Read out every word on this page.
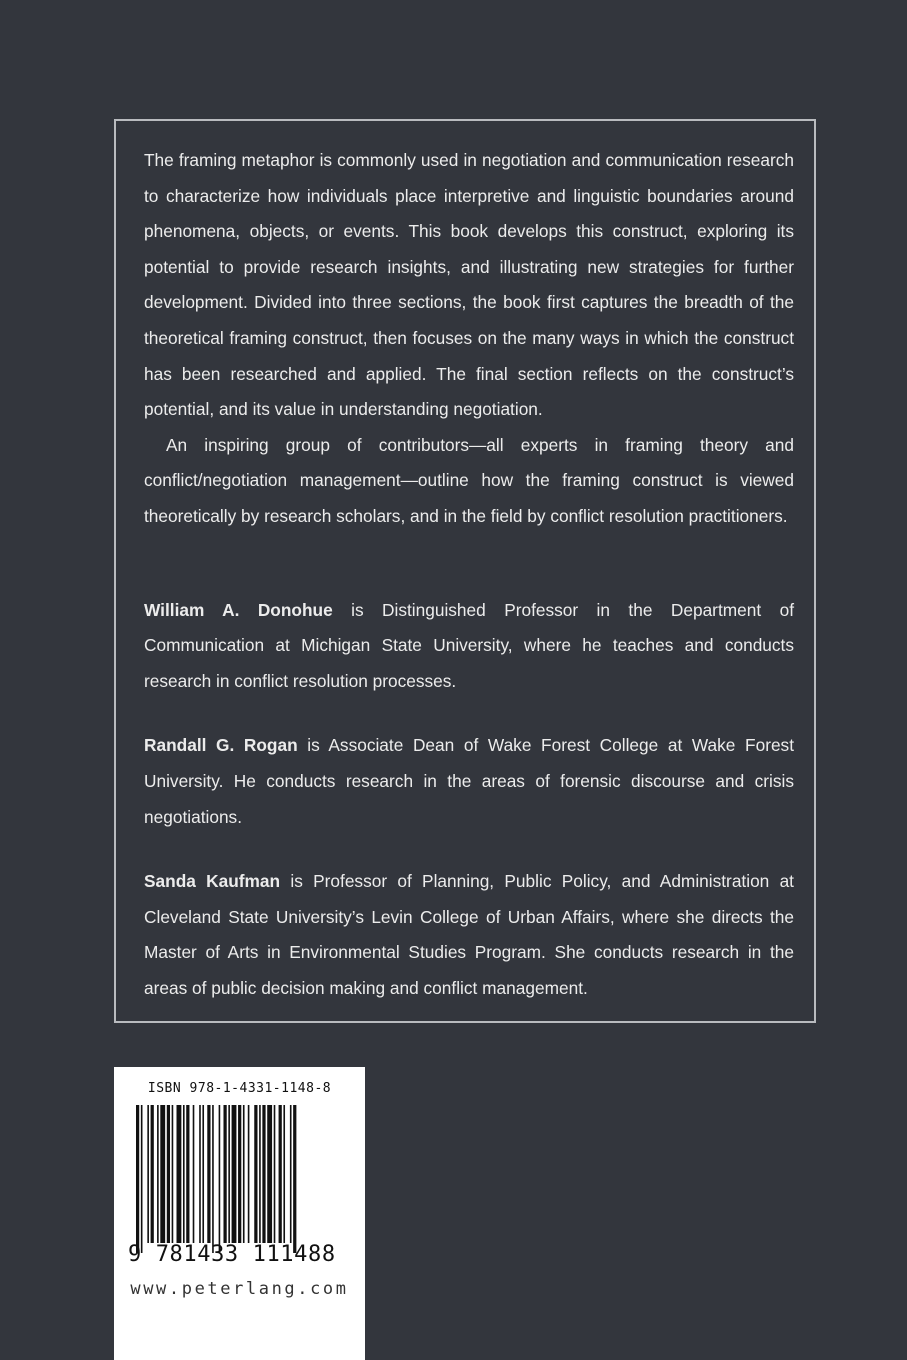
The framing metaphor is commonly used in negotiation and communication research to characterize how individuals place interpretive and linguistic boundaries around phenomena, objects, or events. This book develops this construct, exploring its potential to provide research insights, and illustrating new strategies for further development. Divided into three sections, the book first captures the breadth of the theoretical framing construct, then focuses on the many ways in which the construct has been researched and applied. The final section reflects on the construct’s potential, and its value in understanding negotiation.

An inspiring group of contributors—all experts in framing theory and conflict/negotiation management—outline how the framing construct is viewed theoretically by research scholars, and in the field by conflict resolution practitioners.

William A. Donohue is Distinguished Professor in the Department of Communication at Michigan State University, where he teaches and conducts research in conflict resolution processes.

Randall G. Rogan is Associate Dean of Wake Forest College at Wake Forest University. He conducts research in the areas of forensic discourse and crisis negotiations.

Sanda Kaufman is Professor of Planning, Public Policy, and Administration at Cleveland State University’s Levin College of Urban Affairs, where she directs the Master of Arts in Environmental Studies Program. She conducts research in the areas of public decision making and conflict management.

ISBN 978-1-4331-1148-8
9 781433 111488
www.peterlang.com
